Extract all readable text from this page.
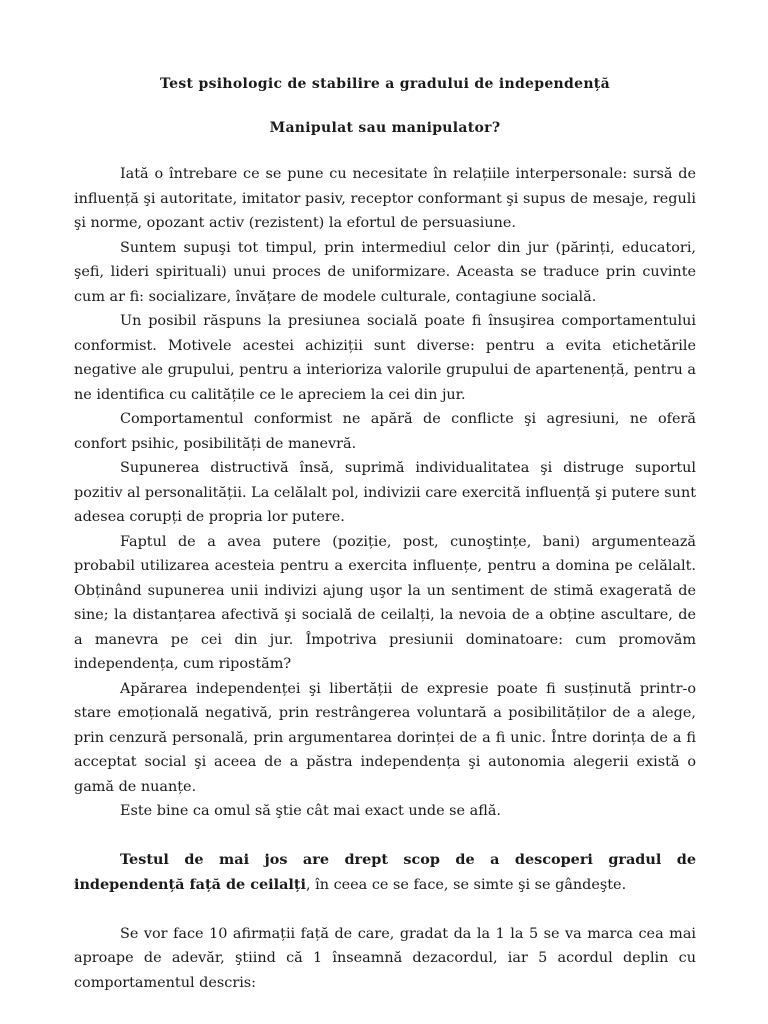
Test psihologic de stabilire a gradului de independență
Manipulat sau manipulator?

Iată o întrebare ce se pune cu necesitate în relațiile interpersonale: sursă de influență şi autoritate, imitator pasiv, receptor conformant şi supus de mesaje, reguli şi norme, opozant activ (rezistent) la efortul de persuasiune.

Suntem supuşi tot timpul, prin intermediul celor din jur (părinți, educatori, şefi, lideri spirituali) unui proces de uniformizare. Aceasta se traduce prin cuvinte cum ar fi: socializare, învățare de modele culturale, contagiune socială.

Un posibil răspuns la presiunea socială poate fi însuşirea comportamentului conformist. Motivele acestei achiziții sunt diverse: pentru a evita etichetările negative ale grupului, pentru a interioriza valorile grupului de apartenență, pentru a ne identifica cu calitățile ce le apreciem la cei din jur.

Comportamentul conformist ne apără de conflicte şi agresiuni, ne oferă confort psihic, posibilități de manevră.

Supunerea distructivă însă, suprimă individualitatea şi distruge suportul pozitiv al personalității. La celălalt pol, indivizii care exercită influență şi putere sunt adesea corupți de propria lor putere.

Faptul de a avea putere (poziție, post, cunoştințe, bani) argumentează probabil utilizarea acesteia pentru a exercita influențe, pentru a domina pe celălalt. Obținând supunerea unii indivizi ajung uşor la un sentiment de stimă exagerată de sine; la distanțarea afectivă şi socială de ceilalți, la nevoia de a obține ascultare, de a manevra pe cei din jur. Împotriva presiunii dominatoare: cum promovăm independența, cum ripostăm?

Apărarea independenței şi libertății de expresie poate fi susținută printr-o stare emoțională negativă, prin restrângerea voluntară a posibilităților de a alege, prin cenzură personală, prin argumentarea dorinței de a fi unic. Între dorința de a fi acceptat social şi aceea de a păstra independența şi autonomia alegerii există o gamă de nuanțe.

Este bine ca omul să ştie cât mai exact unde se află.

Testul de mai jos are drept scop de a descoperi gradul de independență față de ceilalți, în ceea ce se face, se simte şi se gândeşte.

Se vor face 10 afirmații față de care, gradat da la 1 la 5 se va marca cea mai aproape de adevăr, ştiind că 1 înseamnă dezacordul, iar 5 acordul deplin cu comportamentul descris:
